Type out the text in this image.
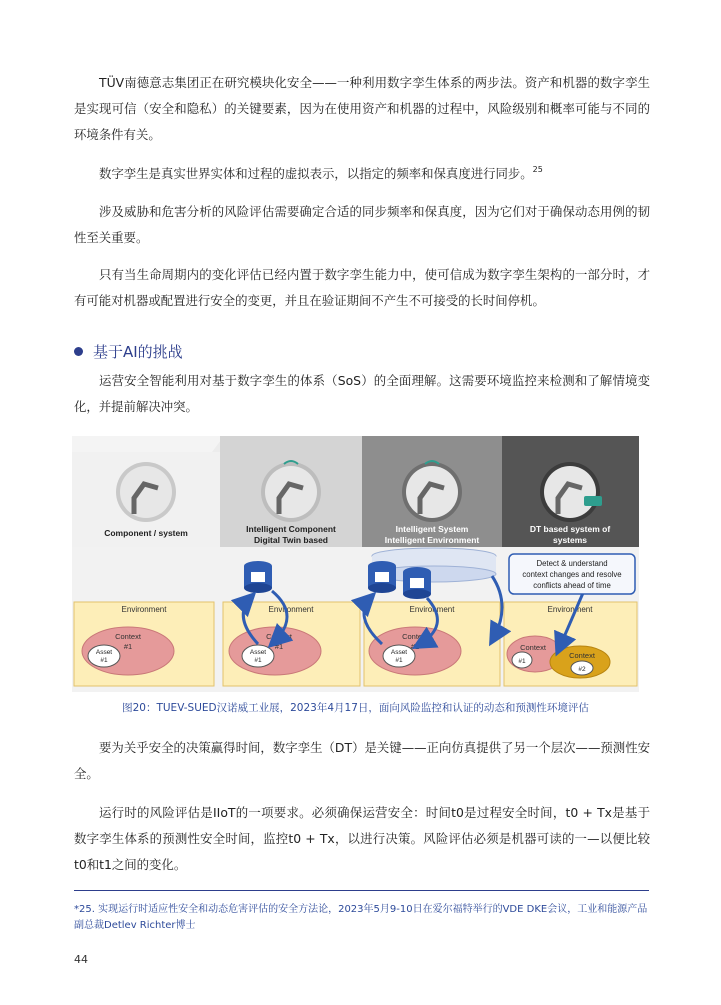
TÜV南德意志集团正在研究模块化安全——一种利用数字孪生体系的两步法。资产和机器的数字孪生是实现可信（安全和隐私）的关键要素，因为在使用资产和机器的过程中，风险级别和概率可能与不同的环境条件有关。

数字孪生是真实世界实体和过程的虚拟表示，以指定的频率和保真度进行同步。$^{25}$

涉及威胁和危害分析的风险评估需要确定合适的同步频率和保真度，因为它们对于确保动态用例的韧性至关重要。

只有当生命周期内的变化评估已经内置于数字孪生能力中，使可信成为数字孪生架构的一部分时，才有可能对机器或配置进行安全的变更，并且在验证期间不产生不可接受的长时间停机。

基于AI的挑战

运营安全智能利用对基于数字孪生的体系（SoS）的全面理解。这需要环境监控来检测和了解情境变化，并提前解决冲突。

Component / system	Intelligent Component
Digital Twin based
Intelligent System
Intelligent Environment
DT based system of
systems
Environment	Environment	Environment	Environment
Context
#1
Context
#1
Context
#1	Context
Context
Asset
#1
Asset
#1
Asset
#1	#1
#2
Detect & understand
context changes and resolve
conflicts ahead of time
图20：TUEV-SUED汉诺威工业展，2023年4月17日，面向风险监控和认证的动态和预测性环境评估

要为关乎安全的决策赢得时间，数字孪生（DT）是关键——正向仿真提供了另一个层次——预测性安全。

运行时的风险评估是IIoT的一项要求。必须确保运营安全：时间t0是过程安全时间，t0 + Tx是基于数字孪生体系的预测性安全时间，监控t0 + Tx，以进行决策。风险评估必须是机器可读的一—以便比较t0和t1之间的变化。

*25. 实现运行时适应性安全和动态危害评估的安全方法论，2023年5月9-10日在爱尔福特举行的VDE DKE会议，工业和能源产品副总裁Detlev Richter博士

44
